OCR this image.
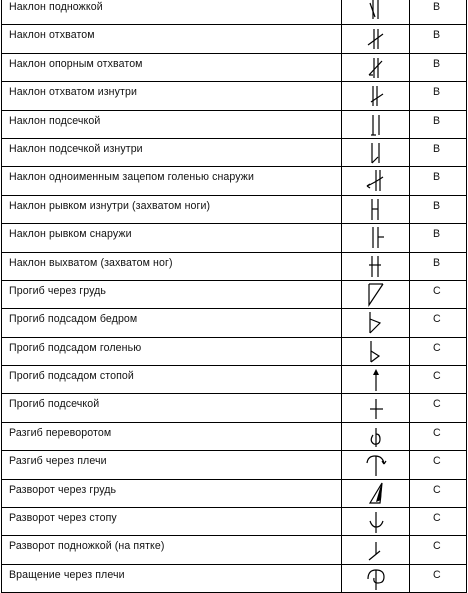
Наклон подножкой		В
Наклон отхватом		В
Наклон опорным отхватом		В
Наклон отхватом изнутри		В
Наклон подсечкой		В
Наклон подсечкой изнутри		В
Наклон одноименным зацепом голенью снаружи		В
Наклон рывком изнутри (захватом ноги)		В
Наклон рывком снаружи		В
Наклон выхватом (захватом ног)		В
Прогиб через грудь		С
Прогиб подсадом бедром		С
Прогиб подсадом голенью		С
Прогиб подсадом стопой		С
Прогиб подсечкой		С
Разгиб переворотом		С
Разгиб через плечи		С
Разворот через грудь		С
Разворот через стопу		С
Разворот подножкой (на пятке)		С
Вращение через плечи		С
